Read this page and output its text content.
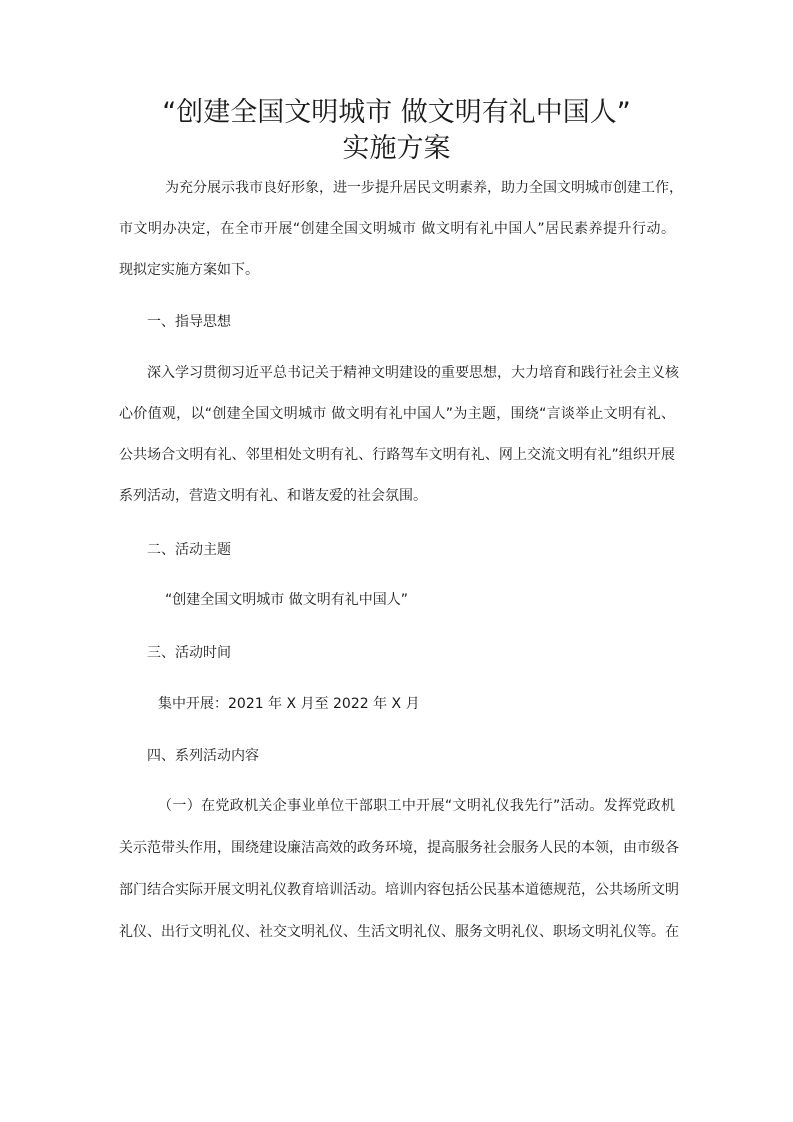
“创建全国文明城市 做文明有礼中国人”
实施方案

为充分展示我市良好形象，进一步提升居民文明素养，助力全国文明城市创建工作，

市文明办决定，在全市开展“创建全国文明城市 做文明有礼中国人”居民素养提升行动。

现拟定实施方案如下。

一、指导思想

深入学习贯彻习近平总书记关于精神文明建设的重要思想，大力培育和践行社会主义核

心价值观，以“创建全国文明城市 做文明有礼中国人”为主题，围绕“言谈举止文明有礼、

公共场合文明有礼、邻里相处文明有礼、行路驾车文明有礼、网上交流文明有礼”组织开展

系列活动，营造文明有礼、和谐友爱的社会氛围。

二、活动主题

“创建全国文明城市 做文明有礼中国人”

三、活动时间

集中开展：2021 年 X 月至 2022 年 X 月

四、系列活动内容

（一）在党政机关企事业单位干部职工中开展“文明礼仪我先行”活动。发挥党政机

关示范带头作用，围绕建设廉洁高效的政务环境，提高服务社会服务人民的本领，由市级各

部门结合实际开展文明礼仪教育培训活动。培训内容包括公民基本道德规范，公共场所文明

礼仪、出行文明礼仪、社交文明礼仪、生活文明礼仪、服务文明礼仪、职场文明礼仪等。在
